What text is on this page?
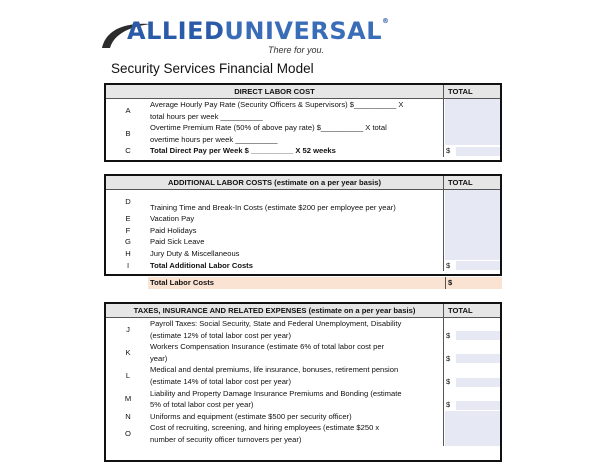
ALLIEDUNIVERSAL®
There for you.
Security Services Financial Model
DIRECT LABOR COST	TOTAL
A
Average Hourly Pay Rate (Security Officers & Supervisors) $__________ X
total hours per week __________
B
Overtime Premium Rate (50% of above pay rate) $__________ X total
overtime hours per week __________
C	Total Direct Pay per Week $ __________ X 52 weeks	$
ADDITIONAL LABOR COSTS (estimate on a per year basis)	TOTAL
D
Training Time and Break-In Costs (estimate $200 per employee per year)
E	Vacation Pay
F	Paid Holidays
G	Paid Sick Leave
H	Jury Duty & Miscellaneous
I	Total Additional Labor Costs	$
Total Labor Costs	$
TAXES, INSURANCE AND RELATED EXPENSES (estimate on a per year basis)	TOTAL
J
Payroll Taxes: Social Security, State and Federal Unemployment, Disability
(estimate 12% of total labor cost per year)	$
K
Workers Compensation Insurance (estimate 6% of total labor cost per
year)	$
L
Medical and dental premiums, life insurance, bonuses, retirement pension
(estimate 14% of total labor cost per year)	$
M
Liability and Property Damage Insurance Premiums and Bonding (estimate
5% of total labor cost per year)	$
N	Uniforms and equipment (estimate $500 per security officer)
O
Cost of recruiting, screening, and hiring employees (estimate $250 x
number of security officer turnovers per year)
